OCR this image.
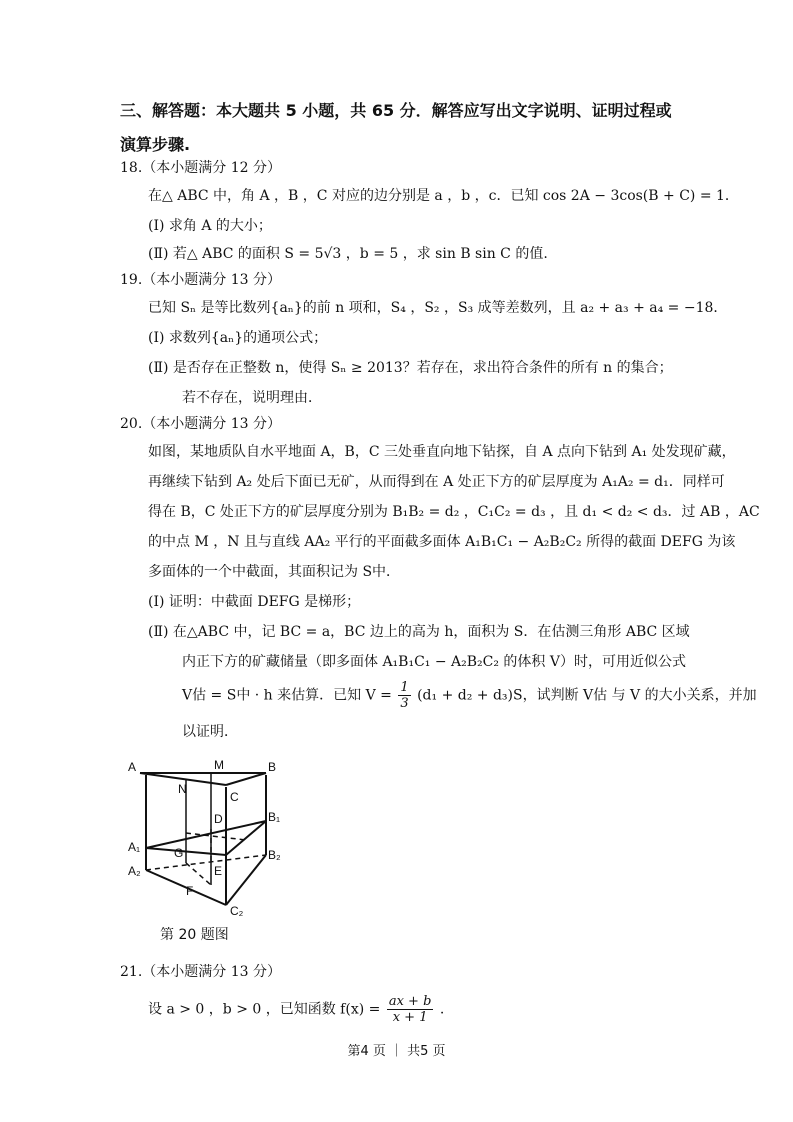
三、解答题：本大题共 5 小题，共 65 分．解答应写出文字说明、证明过程或演算步骤.
18.（本小题满分 12 分）
在△ ABC 中，角 A ，B ，C 对应的边分别是 a ，b ，c．已知 cos 2A − 3cos(B + C) = 1．
(I) 求角 A 的大小；
(Ⅱ) 若△ ABC 的面积 S = 5√3 ，b = 5 ，求 sin B sin C 的值.
19.（本小题满分 13 分）
已知 Sₙ 是等比数列{aₙ}的前 n 项和，S₄ ，S₂ ，S₃ 成等差数列，且 a₂ + a₃ + a₄ = −18．
(Ⅰ) 求数列{aₙ}的通项公式；
(Ⅱ) 是否存在正整数 n，使得 Sₙ ≥ 2013？若存在，求出符合条件的所有 n 的集合；
若不存在，说明理由．
20.（本小题满分 13 分）
如图，某地质队自水平地面 A，B，C 三处垂直向地下钻探，自 A 点向下钻到 A₁ 处发现矿藏，
再继续下钻到 A₂ 处后下面已无矿，从而得到在 A 处正下方的矿层厚度为 A₁A₂ = d₁．同样可
得在 B，C 处正下方的矿层厚度分别为 B₁B₂ = d₂ ，C₁C₂ = d₃ ，且 d₁ < d₂ < d₃．过 AB ，AC
的中点 M ，N 且与直线 AA₂ 平行的平面截多面体 A₁B₁C₁ − A₂B₂C₂ 所得的截面 DEFG 为该
多面体的一个中截面，其面积记为 S中．
(I) 证明：中截面 DEFG 是梯形；
(Ⅱ) 在△ABC 中，记 BC = a，BC 边上的高为 h，面积为 S．在估测三角形 ABC 区域
内正下方的矿藏储量（即多面体 A₁B₁C₁ − A₂B₂C₂ 的体积 V）时，可用近似公式
V估 = S中 · h 来估算．已知 $V = \frac{1}{3} (d_1 + d_2 + d_3)S$，试判断 V估 与 V 的大小关系，并加
以证明．
A	M	B
N
C
D	B₁
A₁	G	B₂
A₂	E
F
C₂
第 20 题图
21.（本小题满分 13 分）
设 a > 0 ，b > 0 ，已知函数 $f(x) = \frac{ax + b}{x + 1}$ .
第4 页 ｜ 共5 页
